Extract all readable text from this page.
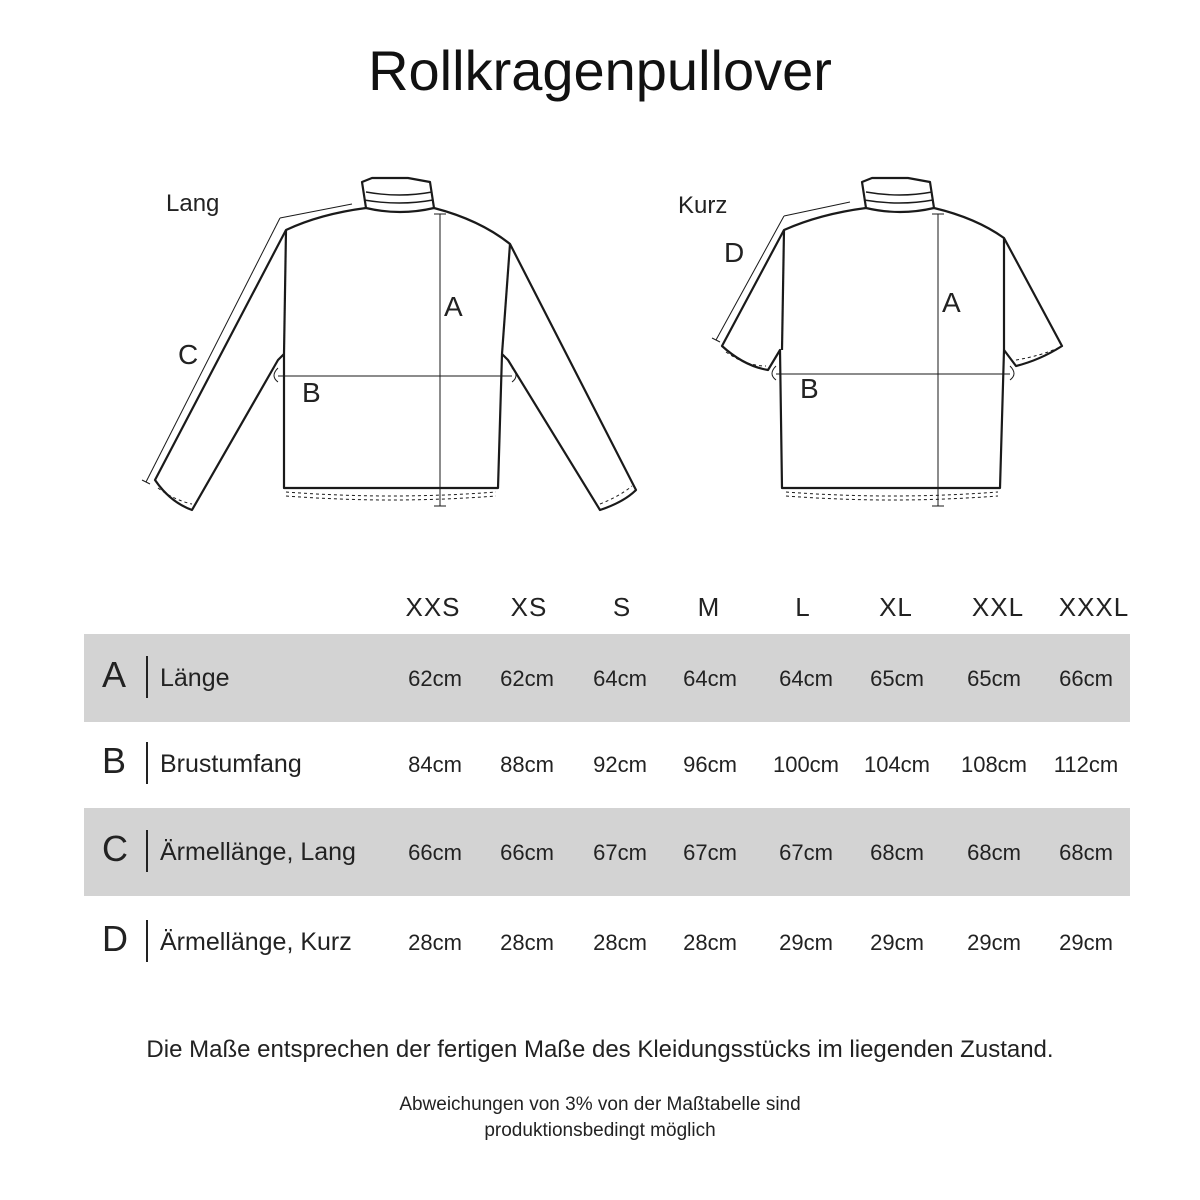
Rollkragenpullover
Lang
A
B
C
Kurz
A
B
D
XXS	XS	S	M	L	XL	XXL	XXXL
A Länge	62cm	62cm	64cm	64cm	64cm	65cm	65cm	66cm
B Brustumfang	84cm	88cm	92cm	96cm	100cm	104cm	108cm	112cm
C Ärmellänge, Lang	66cm	66cm	67cm	67cm	67cm	68cm	68cm	68cm
D Ärmellänge, Kurz	28cm	28cm	28cm	28cm	29cm	29cm	29cm	29cm
Die Maße entsprechen der fertigen Maße des Kleidungsstücks im liegenden Zustand.
Abweichungen von 3% von der Maßtabelle sind
produktionsbedingt möglich
